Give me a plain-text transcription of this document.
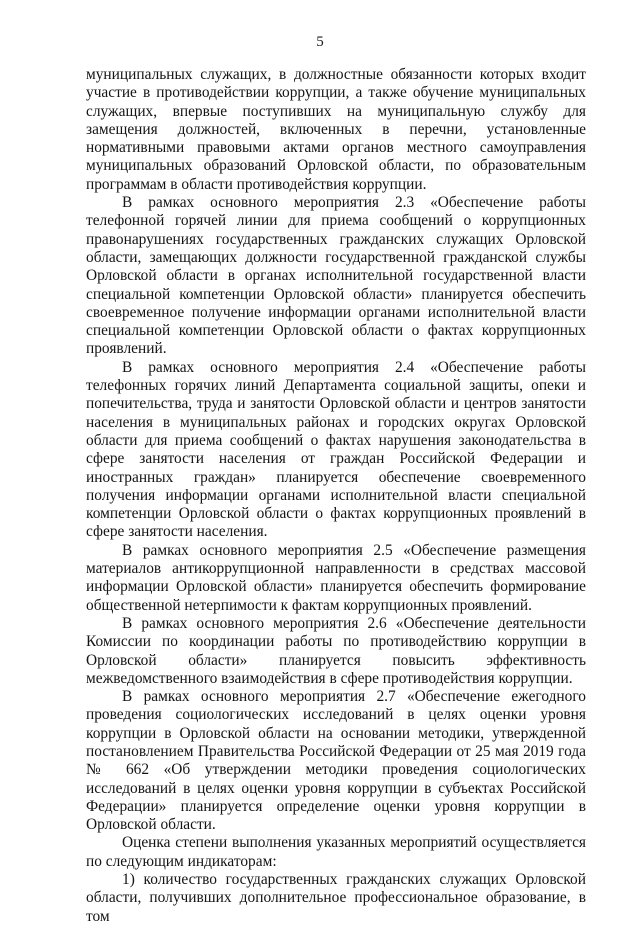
5

муниципальных служащих, в должностные обязанности которых входит участие в противодействии коррупции, а также обучение муниципальных служащих, впервые поступивших на муниципальную службу для замещения должностей, включенных в перечни, установленные нормативными правовыми актами органов местного самоуправления муниципальных образований Орловской области, по образовательным программам в области противодействия коррупции.

В рамках основного мероприятия 2.3 «Обеспечение работы телефонной горячей линии для приема сообщений о коррупционных правонарушениях государственных гражданских служащих Орловской области, замещающих должности государственной гражданской службы Орловской области в органах исполнительной государственной власти специальной компетенции Орловской области» планируется обеспечить своевременное получение информации органами исполнительной власти специальной компетенции Орловской области о фактах коррупционных проявлений.

В рамках основного мероприятия 2.4 «Обеспечение работы телефонных горячих линий Департамента социальной защиты, опеки и попечительства, труда и занятости Орловской области и центров занятости населения в муниципальных районах и городских округах Орловской области для приема сообщений о фактах нарушения законодательства в сфере занятости населения от граждан Российской Федерации и иностранных граждан» планируется обеспечение своевременного получения информации органами исполнительной власти специальной компетенции Орловской области о фактах коррупционных проявлений в сфере занятости населения.

В рамках основного мероприятия 2.5 «Обеспечение размещения материалов антикоррупционной направленности в средствах массовой информации Орловской области» планируется обеспечить формирование общественной нетерпимости к фактам коррупционных проявлений.

В рамках основного мероприятия 2.6 «Обеспечение деятельности Комиссии по координации работы по противодействию коррупции в Орловской области» планируется повысить эффективность межведомственного взаимодействия в сфере противодействия коррупции.

В рамках основного мероприятия 2.7 «Обеспечение ежегодного проведения социологических исследований в целях оценки уровня коррупции в Орловской области на основании методики, утвержденной постановлением Правительства Российской Федерации от 25 мая 2019 года № 662 «Об утверждении методики проведения социологических исследований в целях оценки уровня коррупции в субъектах Российской Федерации» планируется определение оценки уровня коррупции в Орловской области.

Оценка степени выполнения указанных мероприятий осуществляется по следующим индикаторам:

1) количество государственных гражданских служащих Орловской области, получивших дополнительное профессиональное образование, в том
